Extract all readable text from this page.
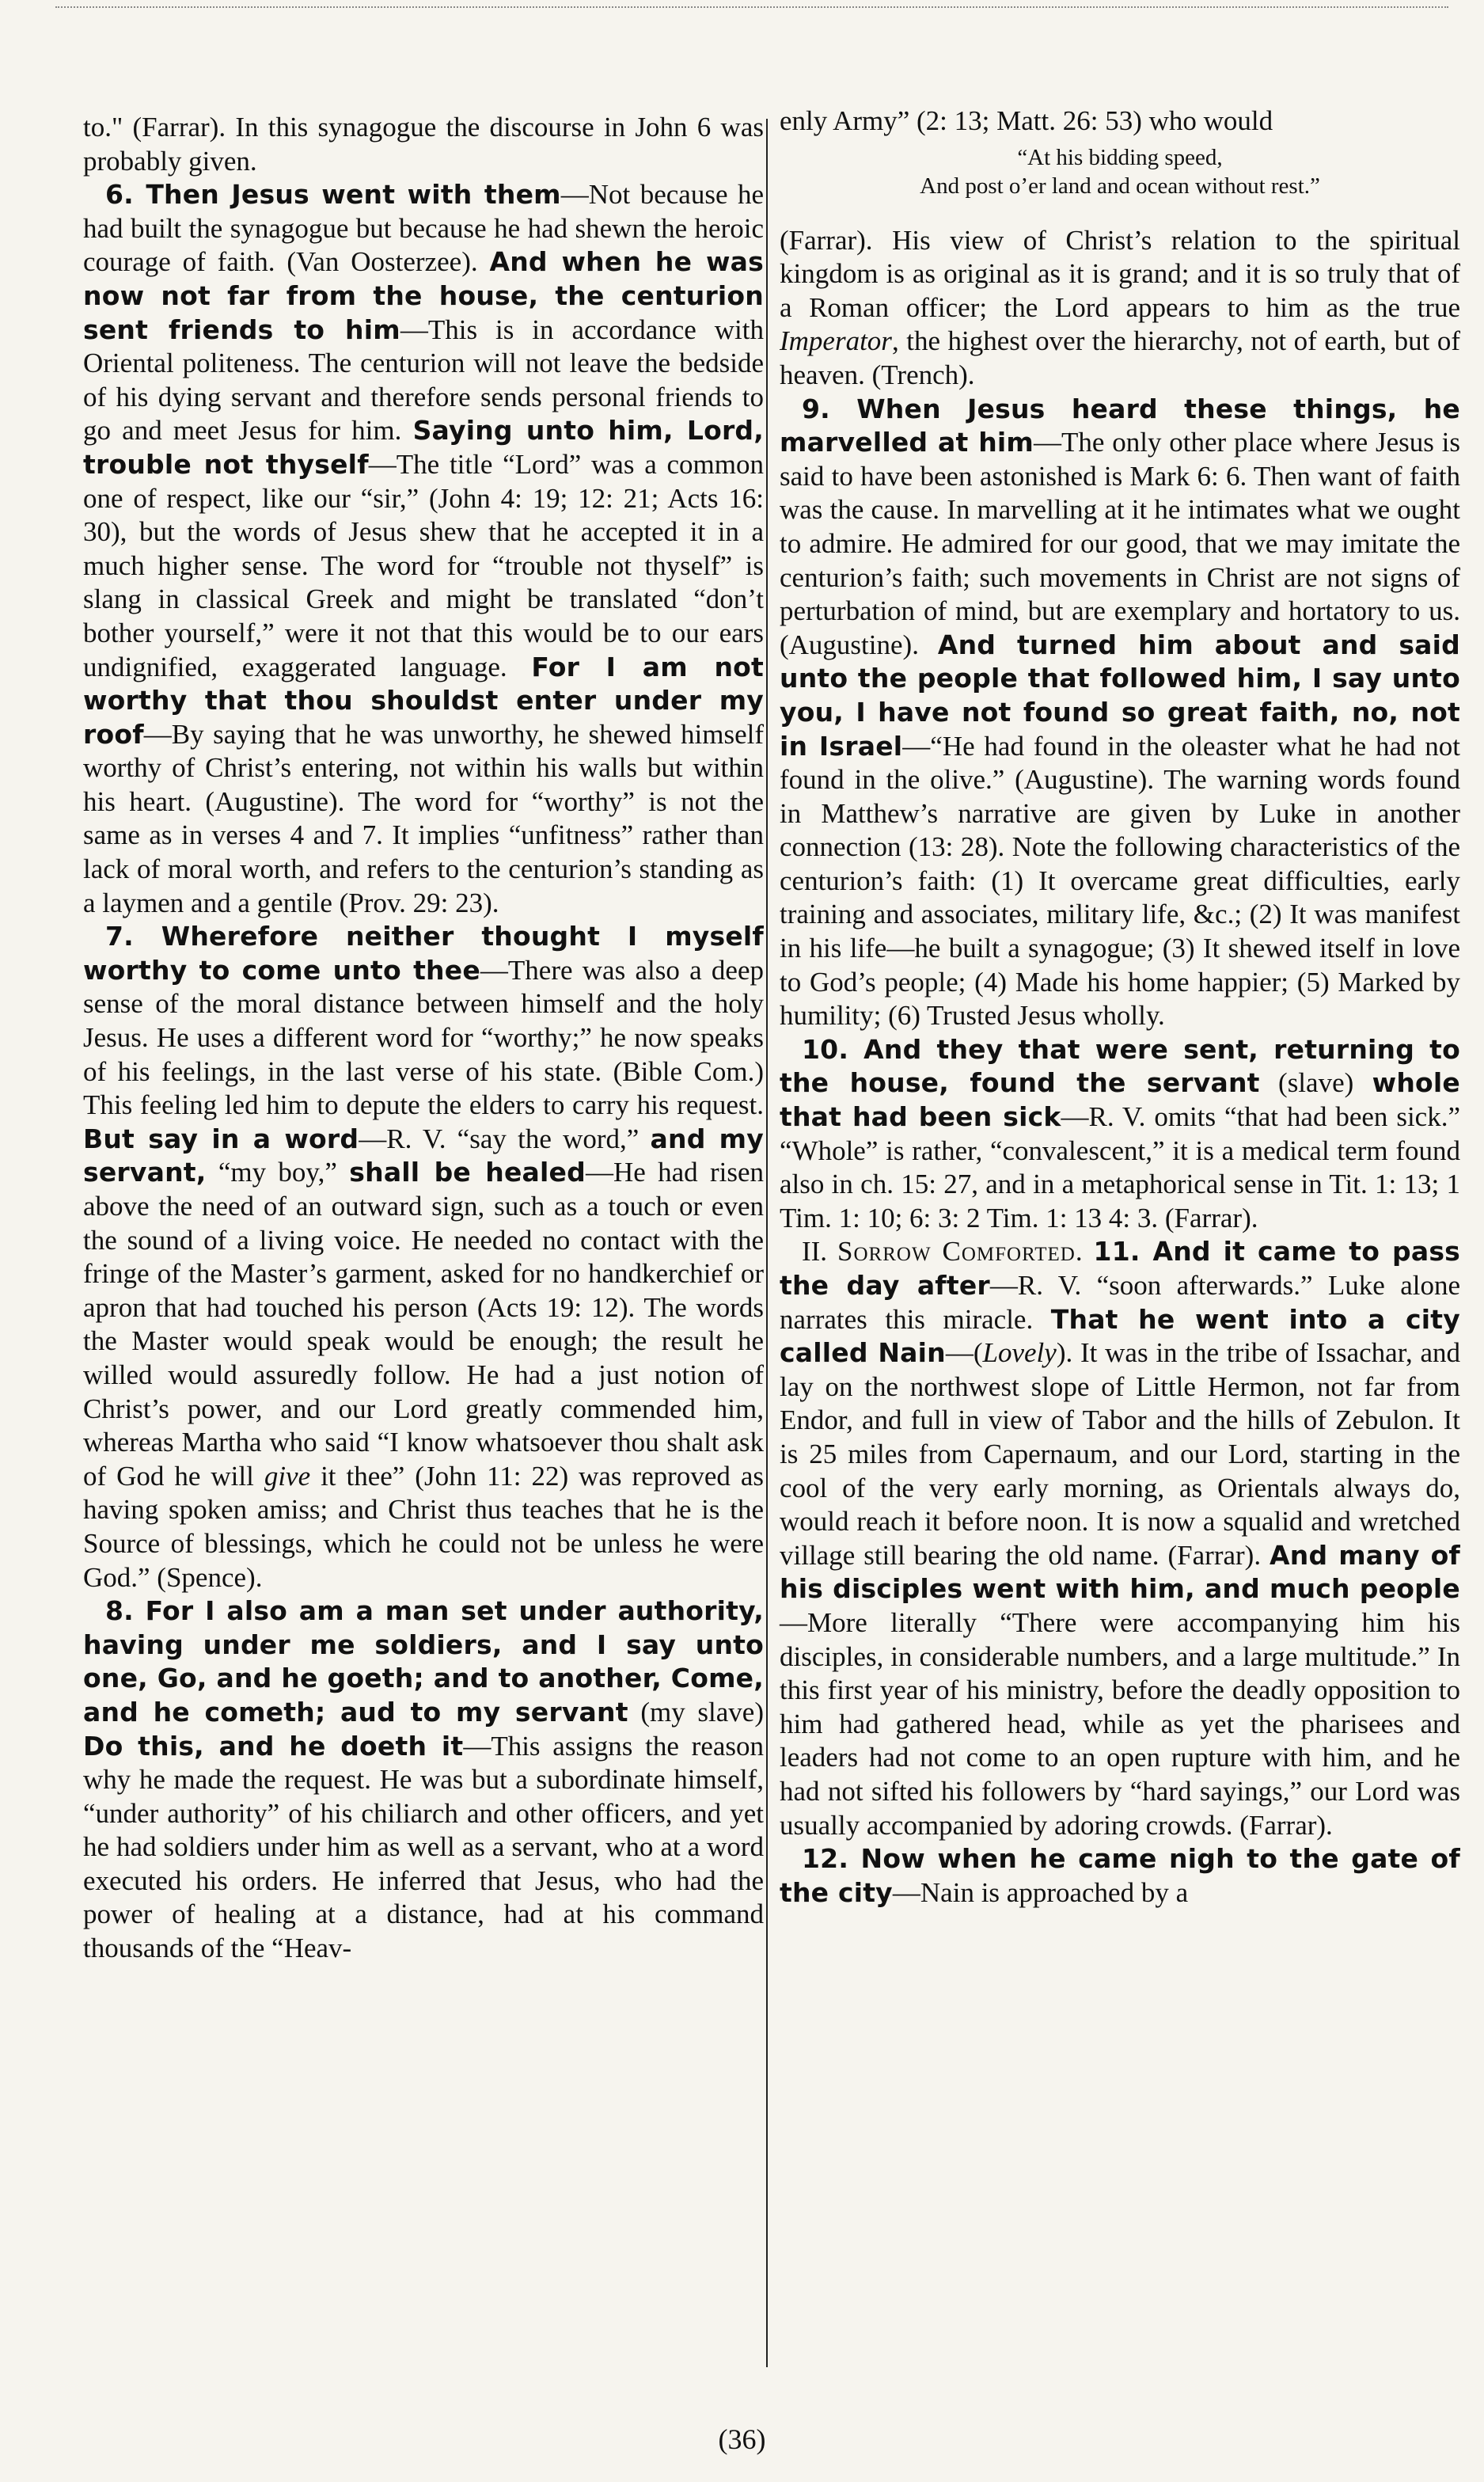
to." (Farrar). In this synagogue the discourse in John 6 was probably given.

6. Then Jesus went with them—Not because he had built the synagogue but because he had shewn the heroic courage of faith. (Van Oosterzee). And when he was now not far from the house, the centurion sent friends to him—This is in accordance with Oriental politeness. The centurion will not leave the bedside of his dying servant and therefore sends personal friends to go and meet Jesus for him. Saying unto him, Lord, trouble not thyself—The title “Lord” was a common one of respect, like our “sir,” (John 4: 19; 12: 21; Acts 16: 30), but the words of Jesus shew that he accepted it in a much higher sense. The word for “trouble not thyself” is slang in classical Greek and might be translated “don’t bother yourself,” were it not that this would be to our ears undignified, exaggerated language. For I am not worthy that thou shouldst enter under my roof—By saying that he was unworthy, he shewed himself worthy of Christ’s entering, not within his walls but within his heart. (Augustine). The word for “worthy” is not the same as in verses 4 and 7. It implies “unfitness” rather than lack of moral worth, and refers to the centurion’s standing as a laymen and a gentile (Prov. 29: 23).

7. Wherefore neither thought I myself worthy to come unto thee—There was also a deep sense of the moral distance between himself and the holy Jesus. He uses a different word for “worthy;” he now speaks of his feelings, in the last verse of his state. (Bible Com.) This feeling led him to depute the elders to carry his request. But say in a word—R. V. “say the word,” and my servant, “my boy,” shall be healed—He had risen above the need of an outward sign, such as a touch or even the sound of a living voice. He needed no contact with the fringe of the Master’s garment, asked for no handkerchief or apron that had touched his person (Acts 19: 12). The words the Master would speak would be enough; the result he willed would assuredly follow. He had a just notion of Christ’s power, and our Lord greatly commended him, whereas Martha who said “I know whatsoever thou shalt ask of God he will give it thee” (John 11: 22) was reproved as having spoken amiss; and Christ thus teaches that he is the Source of blessings, which he could not be unless he were God.” (Spence).

8. For I also am a man set under authority, having under me soldiers, and I say unto one, Go, and he goeth; and to another, Come, and he cometh; aud to my servant (my slave) Do this, and he doeth it—This assigns the reason why he made the request. He was but a subordinate himself, “under authority” of his chiliarch and other officers, and yet he had soldiers under him as well as a servant, who at a word executed his orders. He inferred that Jesus, who had the power of healing at a distance, had at his command thousands of the “Heav-

enly Army” (2: 13; Matt. 26: 53) who would

“At his bidding speed,
And post o’er land and ocean without rest.”

(Farrar). His view of Christ’s relation to the spiritual kingdom is as original as it is grand; and it is so truly that of a Roman officer; the Lord appears to him as the true Imperator, the highest over the hierarchy, not of earth, but of heaven. (Trench).

9. When Jesus heard these things, he marvelled at him—The only other place where Jesus is said to have been astonished is Mark 6: 6. Then want of faith was the cause. In marvelling at it he intimates what we ought to admire. He admired for our good, that we may imitate the centurion’s faith; such movements in Christ are not signs of perturbation of mind, but are exemplary and hortatory to us. (Augustine). And turned him about and said unto the people that followed him, I say unto you, I have not found so great faith, no, not in Israel—“He had found in the oleaster what he had not found in the olive.” (Augustine). The warning words found in Matthew’s narrative are given by Luke in another connection (13: 28). Note the following characteristics of the centurion’s faith: (1) It overcame great difficulties, early training and associates, military life, &c.; (2) It was manifest in his life—he built a synagogue; (3) It shewed itself in love to God’s people; (4) Made his home happier; (5) Marked by humility; (6) Trusted Jesus wholly.

10. And they that were sent, returning to the house, found the servant (slave) whole that had been sick—R. V. omits “that had been sick.” “Whole” is rather, “convalescent,” it is a medical term found also in ch. 15: 27, and in a metaphorical sense in Tit. 1: 13; 1 Tim. 1: 10; 6: 3: 2 Tim. 1: 13 4: 3. (Farrar).

II. Sorrow Comforted. 11. And it came to pass the day after—R. V. “soon afterwards.” Luke alone narrates this miracle. That he went into a city called Nain—(Lovely). It was in the tribe of Issachar, and lay on the northwest slope of Little Hermon, not far from Endor, and full in view of Tabor and the hills of Zebulon. It is 25 miles from Capernaum, and our Lord, starting in the cool of the very early morning, as Orientals always do, would reach it before noon. It is now a squalid and wretched village still bearing the old name. (Farrar). And many of his disciples went with him, and much people—More literally “There were accompanying him his disciples, in considerable numbers, and a large multitude.” In this first year of his ministry, before the deadly opposition to him had gathered head, while as yet the pharisees and leaders had not come to an open rupture with him, and he had not sifted his followers by “hard sayings,” our Lord was usually accompanied by adoring crowds. (Farrar).

12. Now when he came nigh to the gate of the city—Nain is approached by a

(36)
